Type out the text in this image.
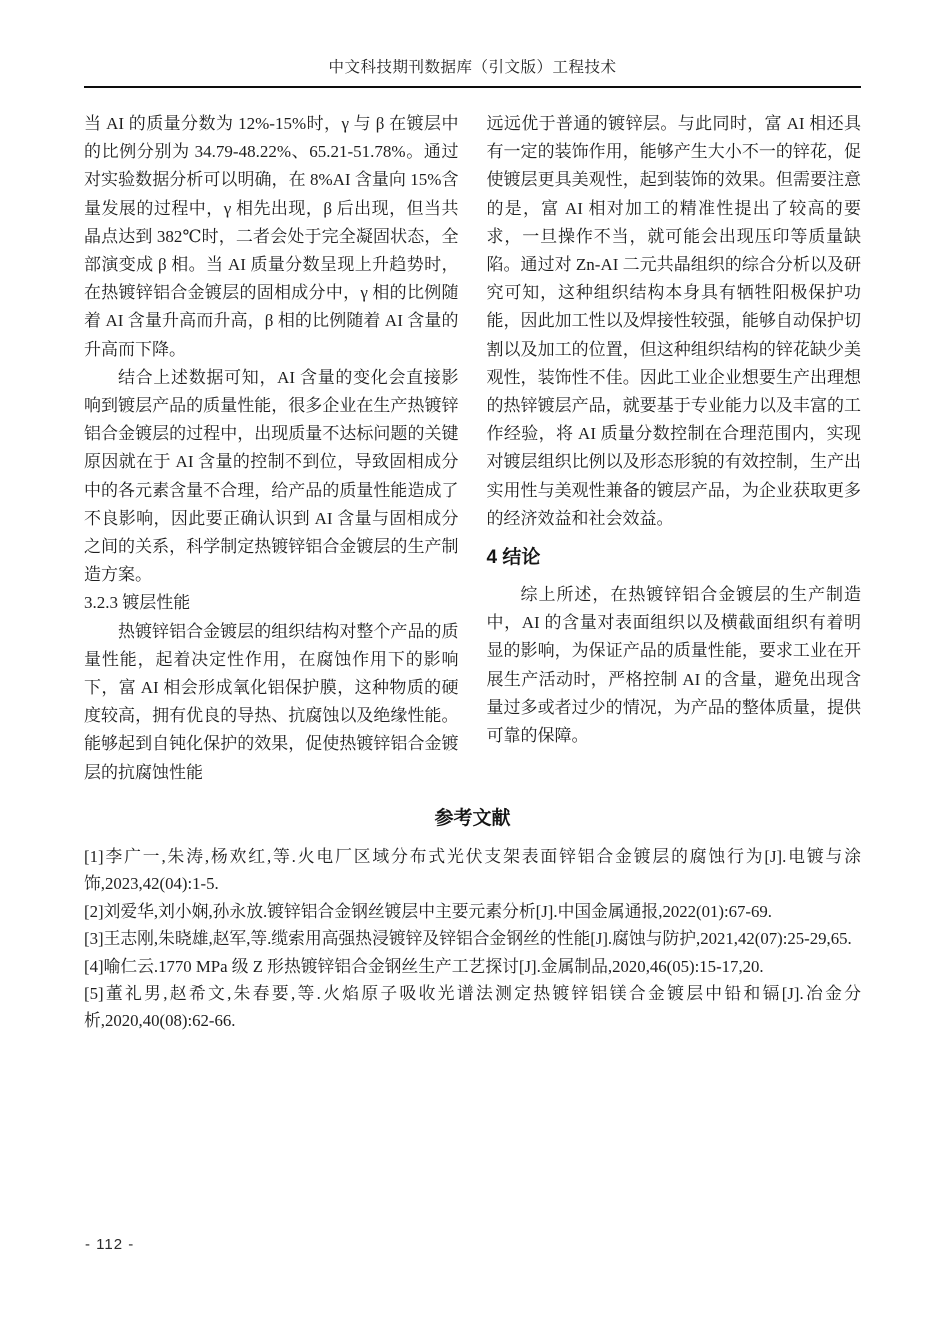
中文科技期刊数据库（引文版）工程技术

当 AI 的质量分数为 12%-15%时，γ 与 β 在镀层中的比例分别为 34.79-48.22%、65.21-51.78%。通过对实验数据分析可以明确，在 8%AI 含量向 15%含量发展的过程中，γ 相先出现，β 后出现，但当共晶点达到 382℃时，二者会处于完全凝固状态，全部演变成 β 相。当 AI 质量分数呈现上升趋势时，在热镀锌铝合金镀层的固相成分中，γ 相的比例随着 AI 含量升高而升高，β 相的比例随着 AI 含量的升高而下降。

结合上述数据可知，AI 含量的变化会直接影响到镀层产品的质量性能，很多企业在生产热镀锌铝合金镀层的过程中，出现质量不达标问题的关键原因就在于 AI 含量的控制不到位，导致固相成分中的各元素含量不合理，给产品的质量性能造成了不良影响，因此要正确认识到 AI 含量与固相成分之间的关系，科学制定热镀锌铝合金镀层的生产制造方案。

3.2.3 镀层性能

热镀锌铝合金镀层的组织结构对整个产品的质量性能，起着决定性作用，在腐蚀作用下的影响下，富 AI 相会形成氧化铝保护膜，这种物质的硬度较高，拥有优良的导热、抗腐蚀以及绝缘性能。能够起到自钝化保护的效果，促使热镀锌铝合金镀层的抗腐蚀性能

远远优于普通的镀锌层。与此同时，富 AI 相还具有一定的装饰作用，能够产生大小不一的锌花，促使镀层更具美观性，起到装饰的效果。但需要注意的是，富 AI 相对加工的精准性提出了较高的要求，一旦操作不当，就可能会出现压印等质量缺陷。通过对 Zn-AI 二元共晶组织的综合分析以及研究可知，这种组织结构本身具有牺牲阳极保护功能，因此加工性以及焊接性较强，能够自动保护切割以及加工的位置，但这种组织结构的锌花缺少美观性，装饰性不佳。因此工业企业想要生产出理想的热锌镀层产品，就要基于专业能力以及丰富的工作经验，将 AI 质量分数控制在合理范围内，实现对镀层组织比例以及形态形貌的有效控制，生产出实用性与美观性兼备的镀层产品，为企业获取更多的经济效益和社会效益。

4 结论

综上所述，在热镀锌铝合金镀层的生产制造中，AI 的含量对表面组织以及横截面组织有着明显的影响，为保证产品的质量性能，要求工业在开展生产活动时，严格控制 AI 的含量，避免出现含量过多或者过少的情况，为产品的整体质量，提供可靠的保障。

参考文献

[1]李广一,朱涛,杨欢红,等.火电厂区域分布式光伏支架表面锌铝合金镀层的腐蚀行为[J].电镀与涂饰,2023,42(04):1-5.

[2]刘爱华,刘小娴,孙永放.镀锌铝合金钢丝镀层中主要元素分析[J].中国金属通报,2022(01):67-69.

[3]王志刚,朱晓雄,赵军,等.缆索用高强热浸镀锌及锌铝合金钢丝的性能[J].腐蚀与防护,2021,42(07):25-29,65.

[4]喻仁云.1770 MPa 级 Z 形热镀锌铝合金钢丝生产工艺探讨[J].金属制品,2020,46(05):15-17,20.

[5]董礼男,赵希文,朱春要,等.火焰原子吸收光谱法测定热镀锌铝镁合金镀层中铅和镉[J].冶金分析,2020,40(08):62-66.

- 112 -
